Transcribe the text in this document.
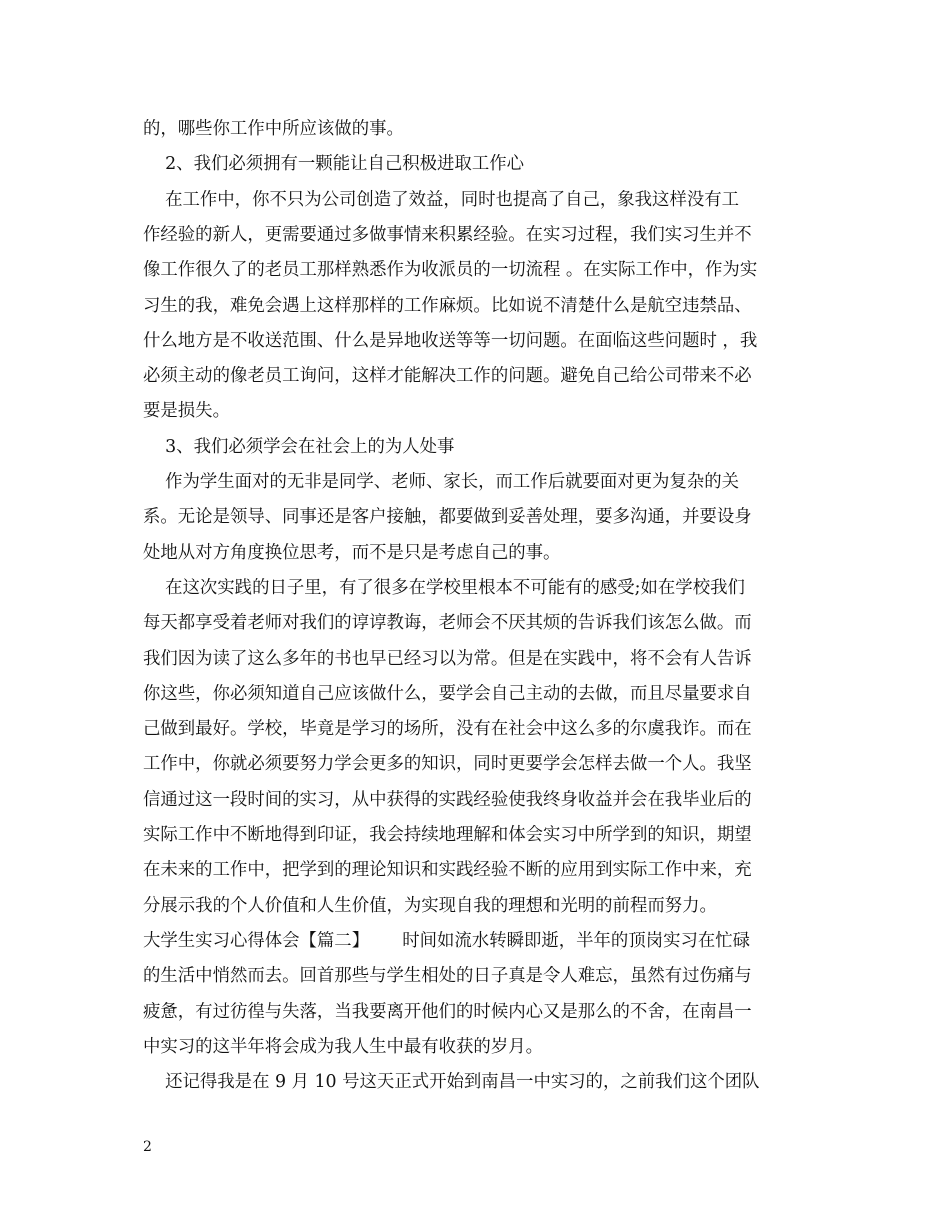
的，哪些你工作中所应该做的事。
2、我们必须拥有一颗能让自己积极进取工作心
在工作中，你不只为公司创造了效益，同时也提高了自己，象我这样没有工
作经验的新人，更需要通过多做事情来积累经验。在实习过程，我们实习生并不
像工作很久了的老员工那样熟悉作为收派员的一切流程 。在实际工作中，作为实
习生的我，难免会遇上这样那样的工作麻烦。比如说不清楚什么是航空违禁品、
什么地方是不收送范围、什么是异地收送等等一切问题。在面临这些问题时 ，我
必须主动的像老员工询问，这样才能解决工作的问题。避免自己给公司带来不必
要是损失。
3、我们必须学会在社会上的为人处事
作为学生面对的无非是同学、老师、家长，而工作后就要面对更为复杂的关
系。无论是领导、同事还是客户接触，都要做到妥善处理，要多沟通，并要设身
处地从对方角度换位思考，而不是只是考虑自己的事。
在这次实践的日子里，有了很多在学校里根本不可能有的感受;如在学校我们
每天都享受着老师对我们的谆谆教诲，老师会不厌其烦的告诉我们该怎么做。而
我们因为读了这么多年的书也早已经习以为常。但是在实践中，将不会有人告诉
你这些，你必须知道自己应该做什么，要学会自己主动的去做，而且尽量要求自
己做到最好。学校，毕竟是学习的场所，没有在社会中这么多的尔虞我诈。而在
工作中，你就必须要努力学会更多的知识，同时更要学会怎样去做一个人。我坚
信通过这一段时间的实习，从中获得的实践经验使我终身收益并会在我毕业后的
实际工作中不断地得到印证，我会持续地理解和体会实习中所学到的知识，期望
在未来的工作中，把学到的理论知识和实践经验不断的应用到实际工作中来，充
分展示我的个人价值和人生价值，为实现自我的理想和光明的前程而努力。
大学生实习心得体会【篇二】      时间如流水转瞬即逝，半年的顶岗实习在忙碌
的生活中悄然而去。回首那些与学生相处的日子真是令人难忘，虽然有过伤痛与
疲惫，有过彷徨与失落，当我要离开他们的时候内心又是那么的不舍，在南昌一
中实习的这半年将会成为我人生中最有收获的岁月。
还记得我是在 9 月 10 号这天正式开始到南昌一中实习的，之前我们这个团队
2
